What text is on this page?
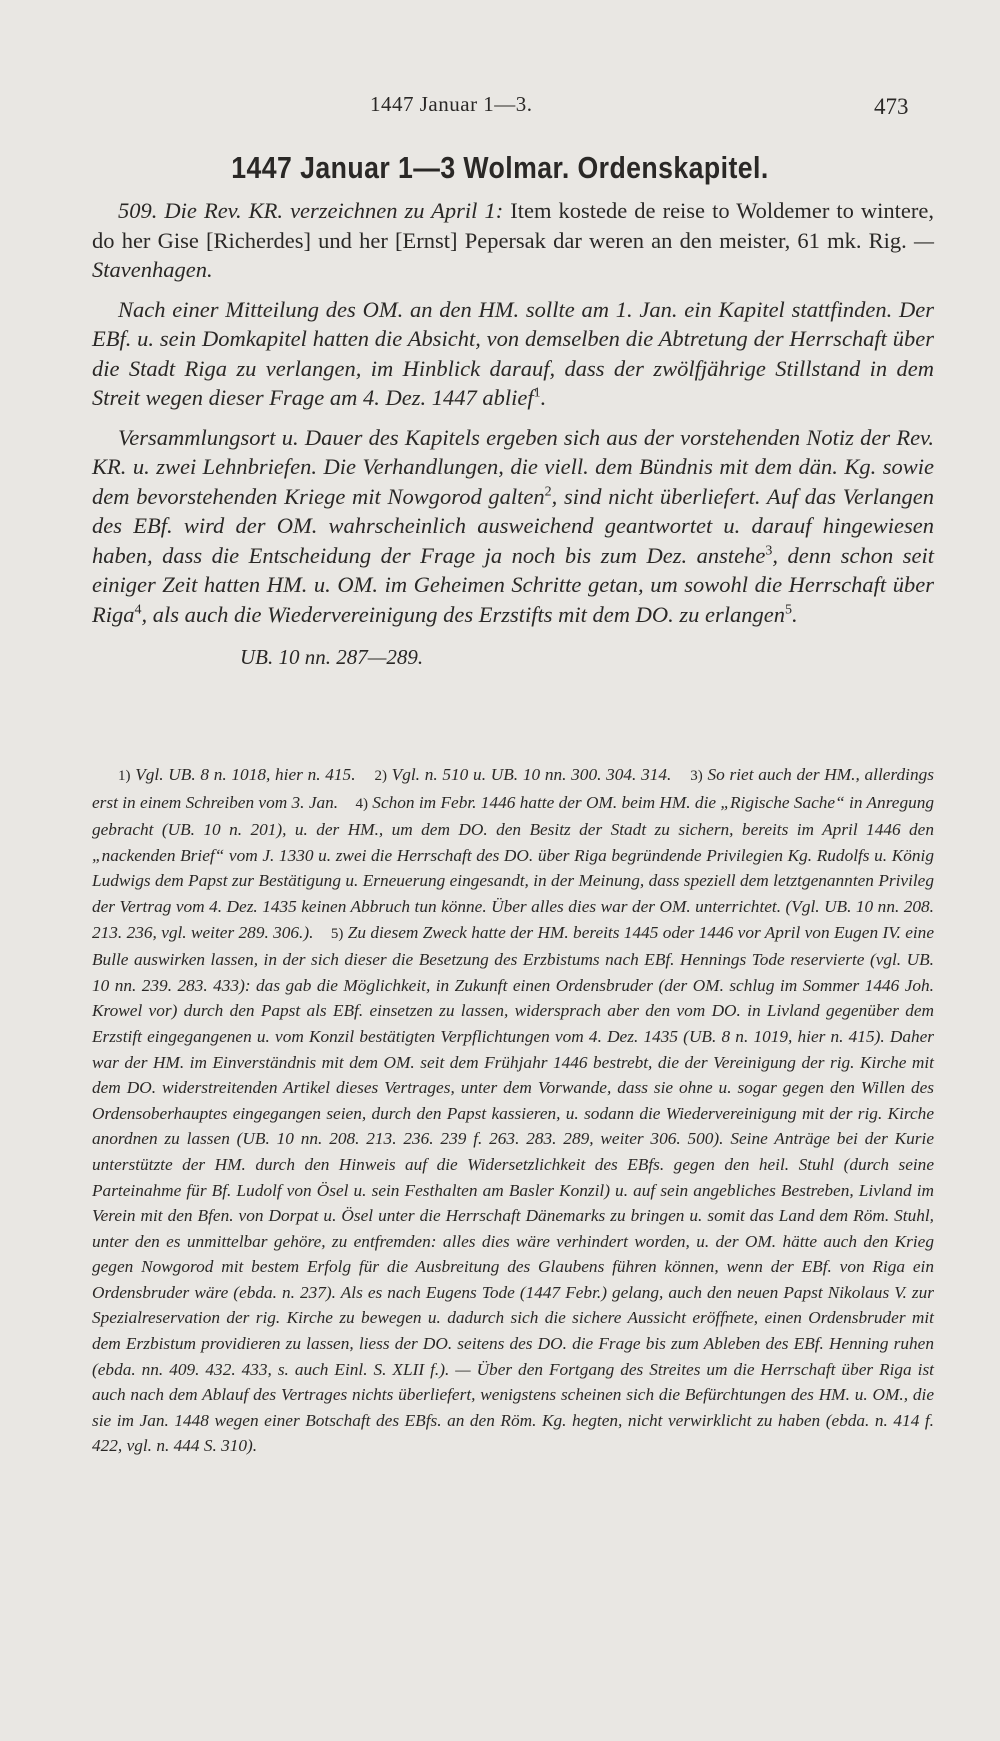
1447 Januar 1—3.	473
1447 Januar 1—3 Wolmar. Ordenskapitel.

509. Die Rev. KR. verzeichnen zu April 1: Item kostede de reise to Woldemer to wintere, do her Gise [Richerdes] und her [Ernst] Pepersak dar weren an den meister, 61 mk. Rig. — Stavenhagen.

Nach einer Mitteilung des OM. an den HM. sollte am 1. Jan. ein Kapitel stattfinden. Der EBf. u. sein Domkapitel hatten die Absicht, von demselben die Abtretung der Herrschaft über die Stadt Riga zu verlangen, im Hinblick darauf, dass der zwölfjährige Stillstand in dem Streit wegen dieser Frage am 4. Dez. 1447 ablief$^1$.

Versammlungsort u. Dauer des Kapitels ergeben sich aus der vorstehenden Notiz der Rev. KR. u. zwei Lehnbriefen. Die Verhandlungen, die viell. dem Bündnis mit dem dän. Kg. sowie dem bevorstehenden Kriege mit Nowgorod galten$^2$, sind nicht überliefert. Auf das Verlangen des EBf. wird der OM. wahrscheinlich ausweichend geantwortet u. darauf hingewiesen haben, dass die Entscheidung der Frage ja noch bis zum Dez. anstehe$^3$, denn schon seit einiger Zeit hatten HM. u. OM. im Geheimen Schritte getan, um sowohl die Herrschaft über Riga$^4$, als auch die Wiedervereinigung des Erzstifts mit dem DO. zu erlangen$^5$.

UB. 10 nn. 287—289.

1) Vgl. UB. 8 n. 1018, hier n. 415. 2) Vgl. n. 510 u. UB. 10 nn. 300. 304. 314. 3) So riet auch der HM., allerdings erst in einem Schreiben vom 3. Jan. 4) Schon im Febr. 1446 hatte der OM. beim HM. die „Rigische Sache“ in Anregung gebracht (UB. 10 n. 201), u. der HM., um dem DO. den Besitz der Stadt zu sichern, bereits im April 1446 den „nackenden Brief“ vom J. 1330 u. zwei die Herrschaft des DO. über Riga begründende Privilegien Kg. Rudolfs u. König Ludwigs dem Papst zur Bestätigung u. Erneuerung eingesandt, in der Meinung, dass speziell dem letztgenannten Privileg der Vertrag vom 4. Dez. 1435 keinen Abbruch tun könne. Über alles dies war der OM. unterrichtet. (Vgl. UB. 10 nn. 208. 213. 236, vgl. weiter 289. 306.). 5) Zu diesem Zweck hatte der HM. bereits 1445 oder 1446 vor April von Eugen IV. eine Bulle auswirken lassen, in der sich dieser die Besetzung des Erzbistums nach EBf. Hennings Tode reservierte (vgl. UB. 10 nn. 239. 283. 433): das gab die Möglichkeit, in Zukunft einen Ordensbruder (der OM. schlug im Sommer 1446 Joh. Krowel vor) durch den Papst als EBf. einsetzen zu lassen, widersprach aber den vom DO. in Livland gegenüber dem Erzstift eingegangenen u. vom Konzil bestätigten Verpflichtungen vom 4. Dez. 1435 (UB. 8 n. 1019, hier n. 415). Daher war der HM. im Einverständnis mit dem OM. seit dem Frühjahr 1446 bestrebt, die der Vereinigung der rig. Kirche mit dem DO. widerstreitenden Artikel dieses Vertrages, unter dem Vorwande, dass sie ohne u. sogar gegen den Willen des Ordensoberhauptes eingegangen seien, durch den Papst kassieren, u. sodann die Wiedervereinigung mit der rig. Kirche anordnen zu lassen (UB. 10 nn. 208. 213. 236. 239 f. 263. 283. 289, weiter 306. 500). Seine Anträge bei der Kurie unterstützte der HM. durch den Hinweis auf die Widersetzlichkeit des EBfs. gegen den heil. Stuhl (durch seine Parteinahme für Bf. Ludolf von Ösel u. sein Festhalten am Basler Konzil) u. auf sein angebliches Bestreben, Livland im Verein mit den Bfen. von Dorpat u. Ösel unter die Herrschaft Dänemarks zu bringen u. somit das Land dem Röm. Stuhl, unter den es unmittelbar gehöre, zu entfremden: alles dies wäre verhindert worden, u. der OM. hätte auch den Krieg gegen Nowgorod mit bestem Erfolg für die Ausbreitung des Glaubens führen können, wenn der EBf. von Riga ein Ordensbruder wäre (ebda. n. 237). Als es nach Eugens Tode (1447 Febr.) gelang, auch den neuen Papst Nikolaus V. zur Spezialreservation der rig. Kirche zu bewegen u. dadurch sich die sichere Aussicht eröffnete, einen Ordensbruder mit dem Erzbistum providieren zu lassen, liess der DO. seitens des DO. die Frage bis zum Ableben des EBf. Henning ruhen (ebda. nn. 409. 432. 433, s. auch Einl. S. XLII f.). — Über den Fortgang des Streites um die Herrschaft über Riga ist auch nach dem Ablauf des Vertrages nichts überliefert, wenigstens scheinen sich die Befürchtungen des HM. u. OM., die sie im Jan. 1448 wegen einer Botschaft des EBfs. an den Röm. Kg. hegten, nicht verwirklicht zu haben (ebda. n. 414 f. 422, vgl. n. 444 S. 310).
